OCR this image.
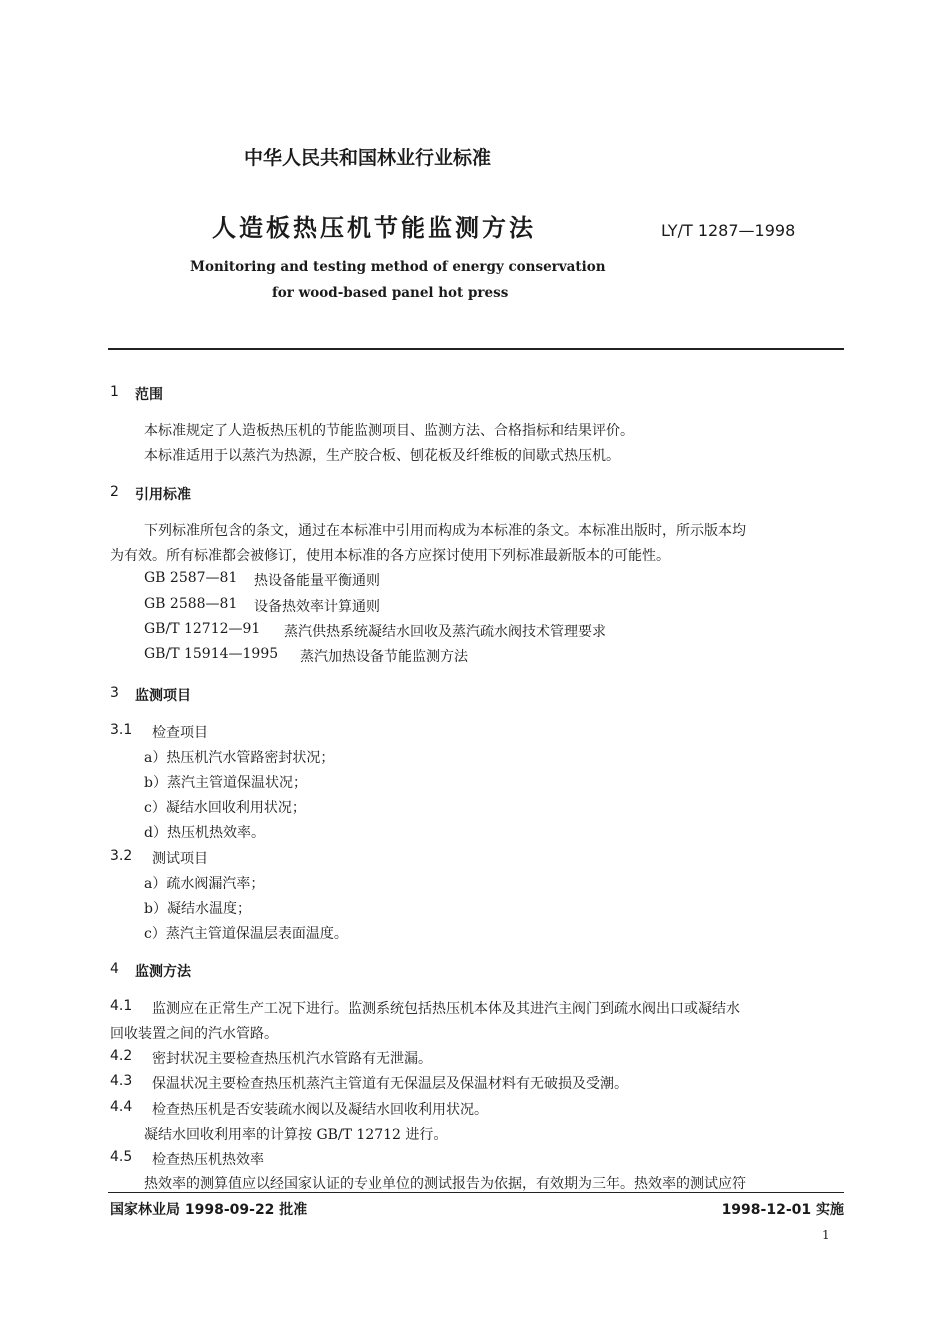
中华人民共和国林业行业标准
人造板热压机节能监测方法	LY/T 1287—1998
Monitoring and testing method of energy conservation
for wood-based panel hot press
1 范围
本标准规定了人造板热压机的节能监测项目、监测方法、合格指标和结果评价。
本标准适用于以蒸汽为热源，生产胶合板、刨花板及纤维板的间歇式热压机。
2 引用标准
下列标准所包含的条文，通过在本标准中引用而构成为本标准的条文。本标准出版时，所示版本均
为有效。所有标准都会被修订，使用本标准的各方应探讨使用下列标准最新版本的可能性。
GB 2587—81 热设备能量平衡通则
GB 2588—81 设备热效率计算通则
GB/T 12712—91 蒸汽供热系统凝结水回收及蒸汽疏水阀技术管理要求
GB/T 15914—1995 蒸汽加热设备节能监测方法
3 监测项目
3.1 检查项目
a）热压机汽水管路密封状况；
b）蒸汽主管道保温状况；
c）凝结水回收利用状况；
d）热压机热效率。
3.2 测试项目
a）疏水阀漏汽率；
b）凝结水温度；
c）蒸汽主管道保温层表面温度。
4 监测方法
4.1 监测应在正常生产工况下进行。监测系统包括热压机本体及其进汽主阀门到疏水阀出口或凝结水
回收装置之间的汽水管路。
4.2 密封状况主要检查热压机汽水管路有无泄漏。
4.3 保温状况主要检查热压机蒸汽主管道有无保温层及保温材料有无破损及受潮。
4.4 检查热压机是否安装疏水阀以及凝结水回收利用状况。
凝结水回收利用率的计算按 GB/T 12712 进行。
4.5 检查热压机热效率
热效率的测算值应以经国家认证的专业单位的测试报告为依据，有效期为三年。热效率的测试应符
国家林业局 1998-09-22 批准	1998-12-01 实施
1
